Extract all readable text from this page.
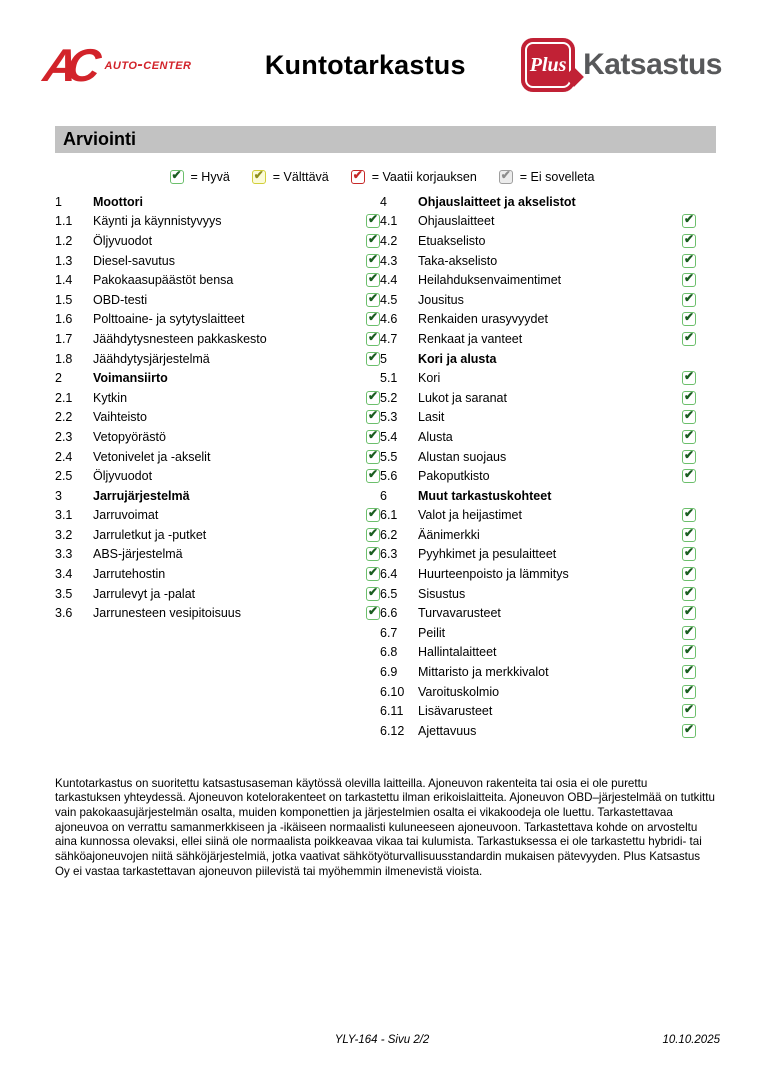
AC auto-center	Kuntotarkastus	Plus Katsastus
Arviointi
✔ = Hyvä ✔ = Välttävä ✔ = Vaatii korjauksen ✔ = Ei sovelleta
1	Moottori
1.1	Käynti ja käynnistyvyys	✔
1.2	Öljyvuodot	✔
1.3	Diesel-savutus	✔
1.4	Pakokaasupäästöt bensa	✔
1.5	OBD-testi	✔
1.6	Polttoaine- ja sytytyslaitteet	✔
1.7	Jäähdytysnesteen pakkaskesto	✔
1.8	Jäähdytysjärjestelmä	✔
2	Voimansiirto
2.1	Kytkin	✔
2.2	Vaihteisto	✔
2.3	Vetopyörästö	✔
2.4	Vetonivelet ja -akselit	✔
2.5	Öljyvuodot	✔
3	Jarrujärjestelmä
3.1	Jarruvoimat	✔
3.2	Jarruletkut ja -putket	✔
3.3	ABS-järjestelmä	✔
3.4	Jarrutehostin	✔
3.5	Jarrulevyt ja -palat	✔
3.6	Jarrunesteen vesipitoisuus	✔
4	Ohjauslaitteet ja akselistot
4.1	Ohjauslaitteet	✔
4.2	Etuakselisto	✔
4.3	Taka-akselisto	✔
4.4	Heilahduksenvaimentimet	✔
4.5	Jousitus	✔
4.6	Renkaiden urasyvyydet	✔
4.7	Renkaat ja vanteet	✔
5	Kori ja alusta
5.1	Kori	✔
5.2	Lukot ja saranat	✔
5.3	Lasit	✔
5.4	Alusta	✔
5.5	Alustan suojaus	✔
5.6	Pakoputkisto	✔
6	Muut tarkastuskohteet
6.1	Valot ja heijastimet	✔
6.2	Äänimerkki	✔
6.3	Pyyhkimet ja pesulaitteet	✔
6.4	Huurteenpoisto ja lämmitys	✔
6.5	Sisustus	✔
6.6	Turvavarusteet	✔
6.7	Peilit	✔
6.8	Hallintalaitteet	✔
6.9	Mittaristo ja merkkivalot	✔
6.10	Varoituskolmio	✔
6.11	Lisävarusteet	✔
6.12	Ajettavuus	✔
Kuntotarkastus on suoritettu katsastusaseman käytössä olevilla laitteilla. Ajoneuvon rakenteita tai osia ei ole purettu tarkastuksen yhteydessä. Ajoneuvon kotelorakenteet on tarkastettu ilman erikoislaitteita. Ajoneuvon OBD–järjestelmää on tutkittu vain pakokaasujärjestelmän osalta, muiden komponettien ja järjestelmien osalta ei vikakoodeja ole luettu. Tarkastettavaa ajoneuvoa on verrattu samanmerkkiseen ja -ikäiseen normaalisti kuluneeseen ajoneuvoon. Tarkastettava kohde on arvosteltu aina kunnossa olevaksi, ellei siinä ole normaalista poikkeavaa vikaa tai kulumista. Tarkastuksessa ei ole tarkastettu hybridi- tai sähköajoneuvojen niitä sähköjärjestelmiä, jotka vaativat sähkötyöturvallisuusstandardin mukaisen pätevyyden. Plus Katsastus Oy ei vastaa tarkastettavan ajoneuvon piilevistä tai myöhemmin ilmenevistä vioista.
YLY-164 - Sivu 2/2	10.10.2025
